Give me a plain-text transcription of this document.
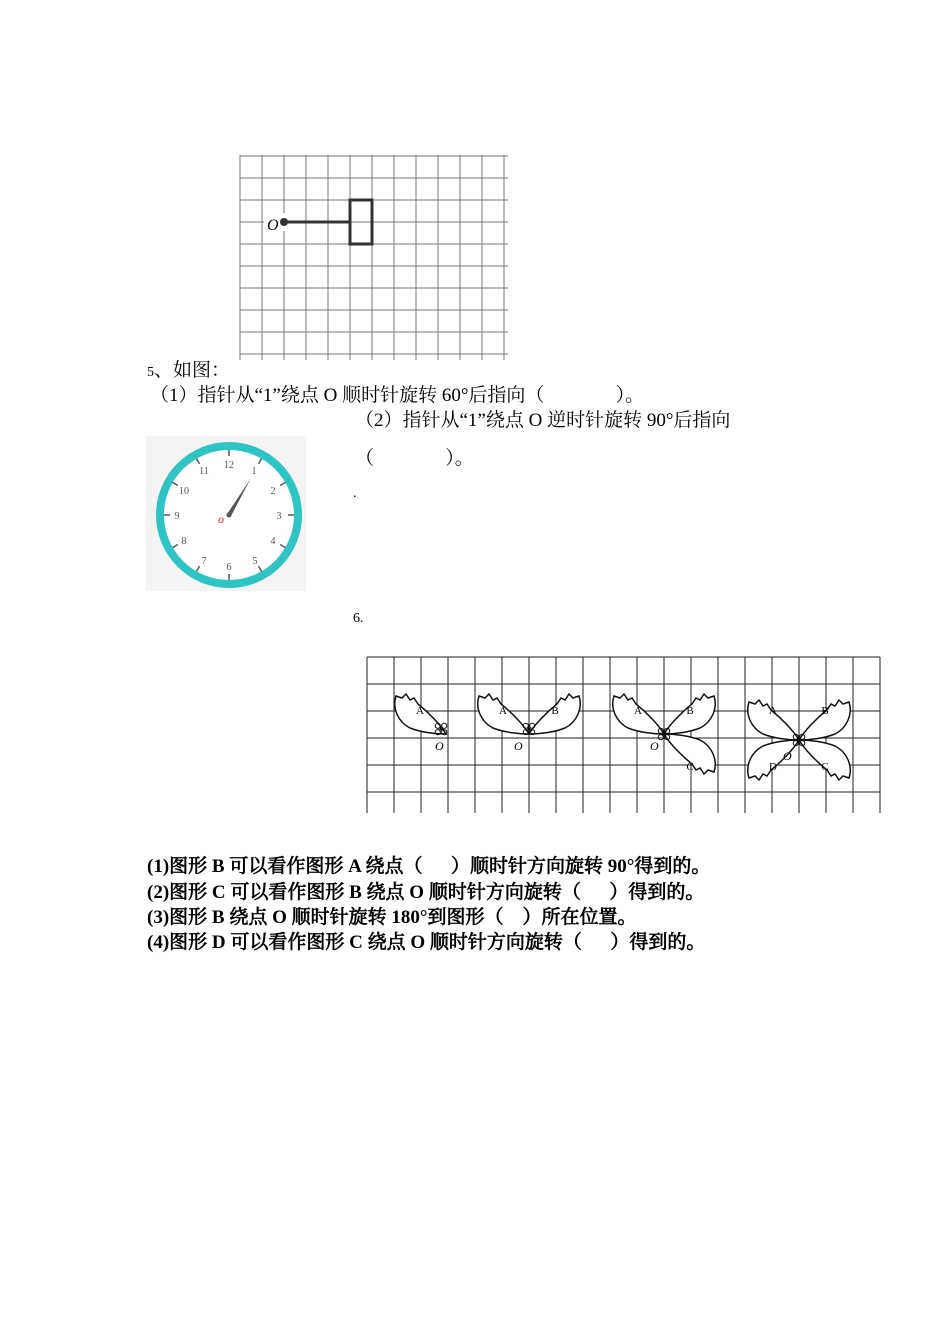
O
5、如图：
（1）指针从“1”绕点 O 顺时针旋转 60°后指向（               ）。
（2）指针从“1”绕点 O 逆时针旋转 90°后指向
（               ）。
.
12
1
2
3
4
5
6
7
8
9
10
11
o
6.
A
O
A	B
O
A	B
C
O
A	B
C
D
O
(1)图形 B 可以看作图形 A 绕点（      ）顺时针方向旋转 90°得到的。
(2)图形 C 可以看作图形 B 绕点 O 顺时针方向旋转（      ）得到的。
(3)图形 B 绕点 O 顺时针旋转 180°到图形（    ）所在位置。
(4)图形 D 可以看作图形 C 绕点 O 顺时针方向旋转（      ）得到的。
